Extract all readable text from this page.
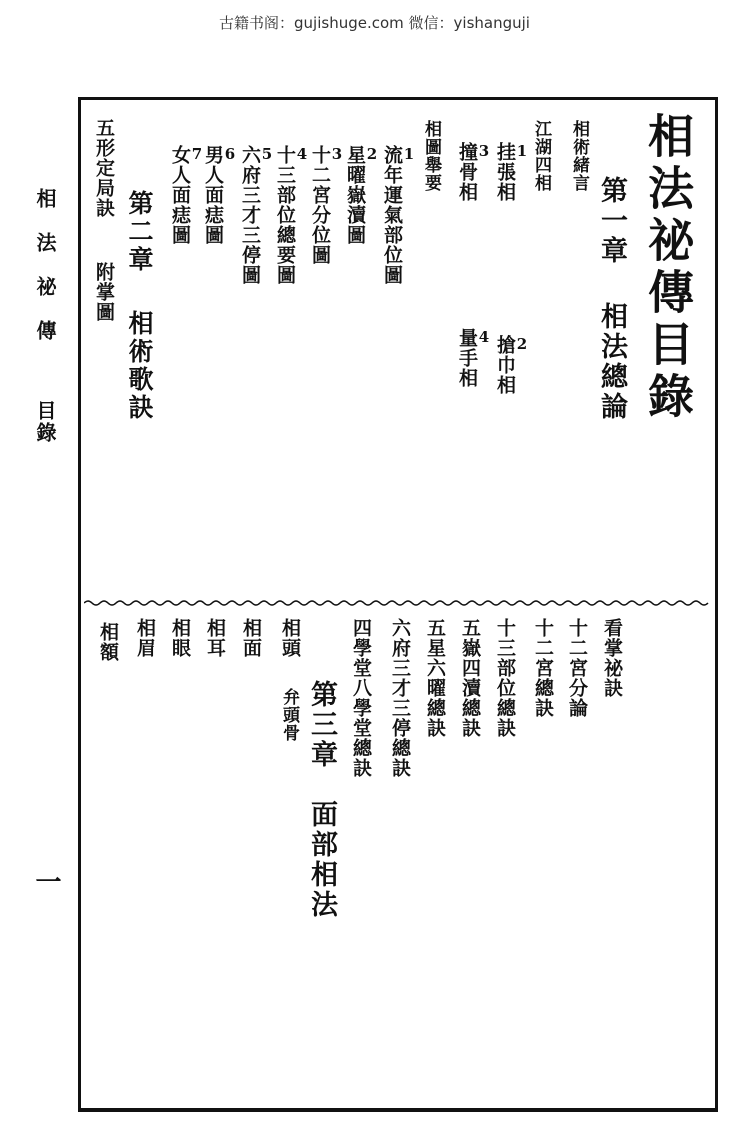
古籍书阁：gujishuge.com 微信：yishanguji
相法祕傳
目錄
一
相法祕傳目錄
第一章
相法總論
相術緒言
江湖四相
1
挂張相
2
搶巾相
3
撞骨相
4
量手相
相圖舉要
1
流年運氣部位圖
2
星曜嶽瀆圖
3
十二宮分位圖
4
十三部位總要圖
5
六府三才三停圖
6
男人面痣圖
7
女人面痣圖
第二章
相術歌訣
五形定局訣
附掌圖
看掌祕訣
十二宮分論
十二宮總訣
十三部位總訣
五嶽四瀆總訣
五星六曜總訣
六府三才三停總訣
四學堂八學堂總訣
第三章
面部相法
相頭
弁頭骨
相面
相耳
相眼
相眉
相額
